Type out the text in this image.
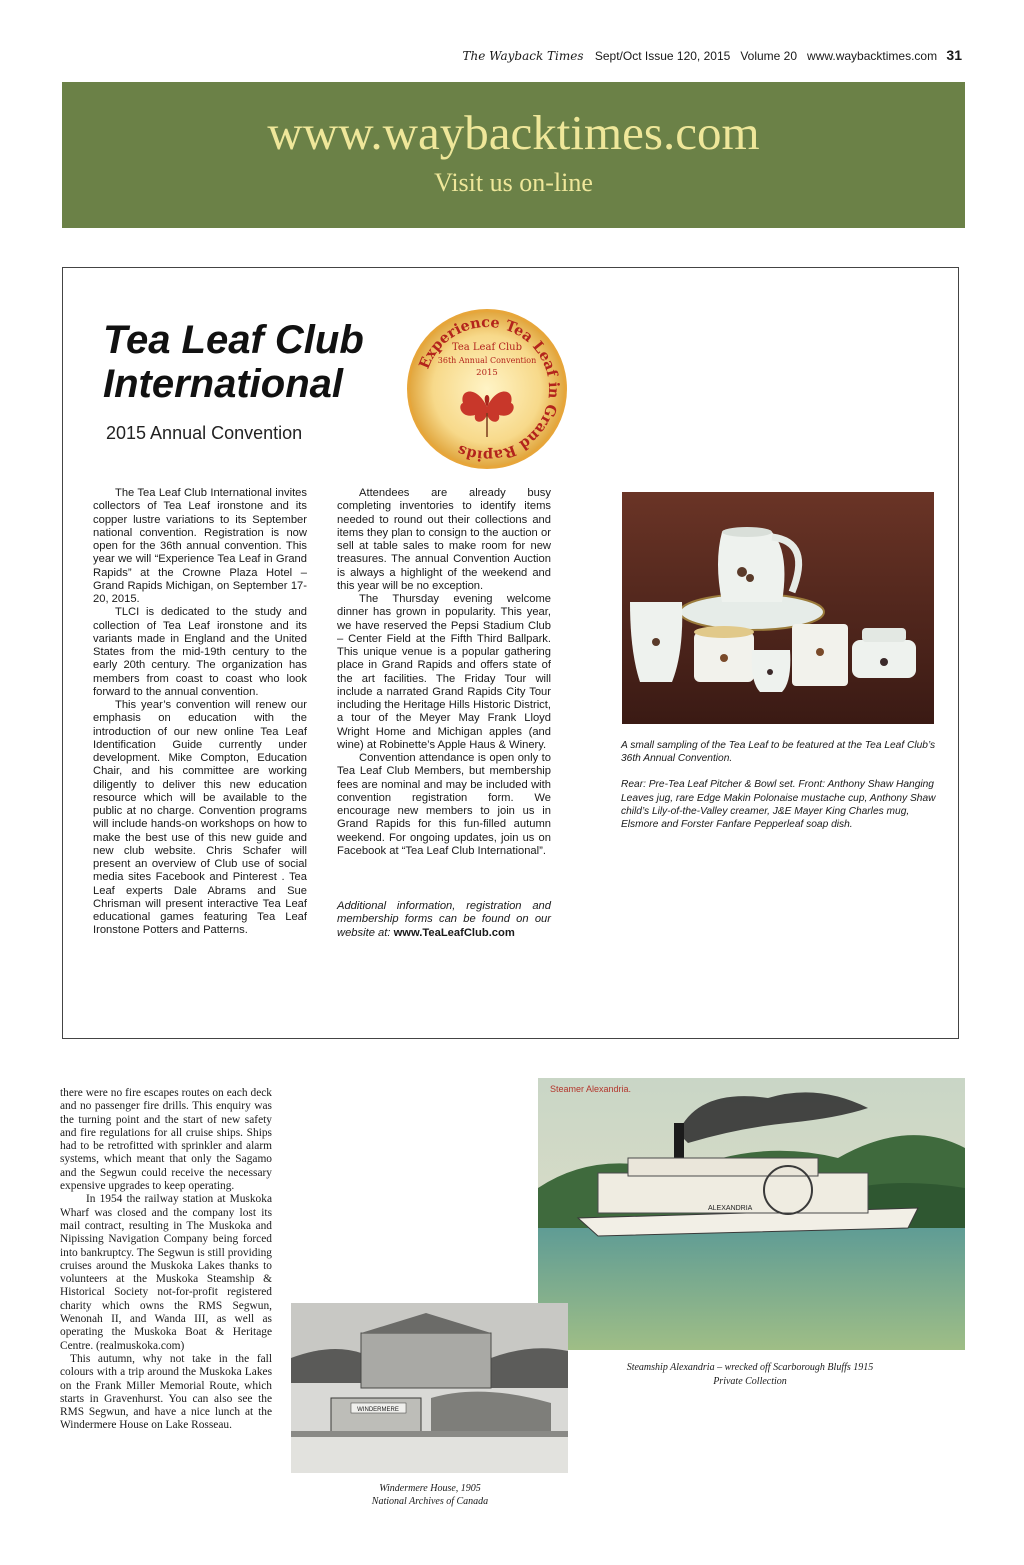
The Wayback Times Sept/Oct Issue 120, 2015 Volume 20 www.waybacktimes.com 31
www.waybacktimes.com
Visit us on-line
Tea Leaf Club
International
2015 Annual Convention
Experience Tea Leaf in Grand Rapids
Tea Leaf Club
36th Annual Convention
2015

The Tea Leaf Club International invites collectors of Tea Leaf ironstone and its copper lustre variations to its September national convention. Registration is now open for the 36th annual convention. This year we will “Experience Tea Leaf in Grand Rapids” at the Crowne Plaza Hotel – Grand Rapids Michigan, on September 17-20, 2015.

TLCI is dedicated to the study and collection of Tea Leaf ironstone and its variants made in England and the United States from the mid-19th century to the early 20th century. The organization has members from coast to coast who look forward to the annual convention.

This year’s convention will renew our emphasis on education with the introduction of our new online Tea Leaf Identification Guide currently under development. Mike Compton, Education Chair, and his committee are working diligently to deliver this new education resource which will be available to the public at no charge. Convention programs will include hands-on workshops on how to make the best use of this new guide and new club website. Chris Schafer will present an overview of Club use of social media sites Facebook and Pinterest . Tea Leaf experts Dale Abrams and Sue Chrisman will present interactive Tea Leaf educational games featuring Tea Leaf Ironstone Potters and Patterns.

Attendees are already busy completing inventories to identify items needed to round out their collections and items they plan to consign to the auction or sell at table sales to make room for new treasures. The annual Convention Auction is always a highlight of the weekend and this year will be no exception.

The Thursday evening welcome dinner has grown in popularity. This year, we have reserved the Pepsi Stadium Club – Center Field at the Fifth Third Ballpark. This unique venue is a popular gathering place in Grand Rapids and offers state of the art facilities. The Friday Tour will include a narrated Grand Rapids City Tour including the Heritage Hills Historic District, a tour of the Meyer May Frank Lloyd Wright Home and Michigan apples (and wine) at Robinette’s Apple Haus & Winery.

Convention attendance is open only to Tea Leaf Club Members, but membership fees are nominal and may be included with convention registration form. We encourage new members to join us in Grand Rapids for this fun-filled autumn weekend. For ongoing updates, join us on Facebook at “Tea Leaf Club International”.

Additional information, registration and membership forms can be found on our website at: www.TeaLeafClub.com

A small sampling of the Tea Leaf to be featured at the Tea Leaf Club’s 36th Annual Convention.

Rear: Pre-Tea Leaf Pitcher & Bowl set. Front: Anthony Shaw Hanging Leaves jug, rare Edge Makin Polonaise mustache cup, Anthony Shaw child’s Lily-of-the-Valley creamer, J&E Mayer King Charles mug, Elsmore and Forster Fanfare Pepperleaf soap dish.

there were no fire escapes routes on each deck and no passenger fire drills. This enquiry was the turning point and the start of new safety and fire regulations for all cruise ships. Ships had to be retrofitted with sprinkler and alarm systems, which meant that only the Sagamo and the Segwun could receive the necessary expensive upgrades to keep operating.

In 1954 the railway station at Muskoka Wharf was closed and the company lost its mail contract, resulting in The Muskoka and Nipissing Navigation Company being forced into bankruptcy. The Segwun is still providing cruises around the Muskoka Lakes thanks to volunteers at the Muskoka Steamship & Historical Society not-for-profit registered charity which owns the RMS Segwun, Wenonah II, and Wanda III, as well as operating the Muskoka Boat & Heritage Centre. (realmuskoka.com)

This autumn, why not take in the fall colours with a trip around the Muskoka Lakes on the Frank Miller Memorial Route, which starts in Gravenhurst. You can also see the RMS Segwun, and have a nice lunch at the Windermere House on Lake Rosseau.

Steamer Alexandria.
ALEXANDRIA
Steamship Alexandria – wrecked off Scarborough Bluffs 1915
Private Collection
WINDERMERE
Windermere House, 1905
National Archives of Canada
